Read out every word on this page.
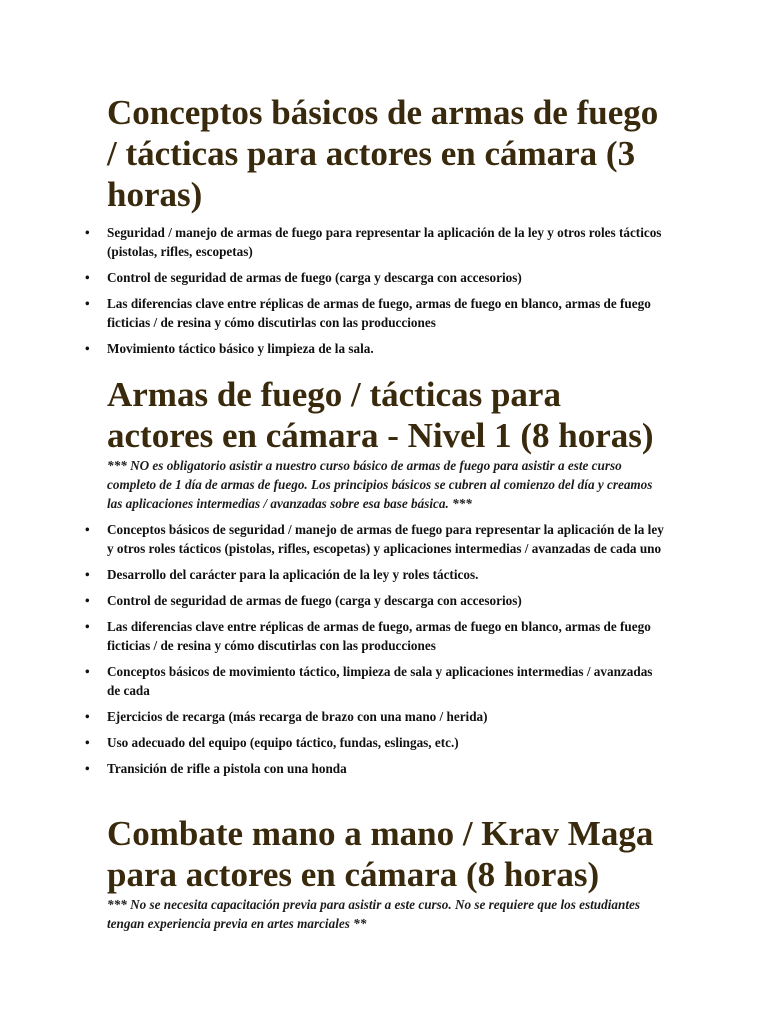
Conceptos básicos de armas de fuego / tácticas para actores en cámara (3 horas)
• Seguridad / manejo de armas de fuego para representar la aplicación de la ley y otros roles tácticos (pistolas, rifles, escopetas)
• Control de seguridad de armas de fuego (carga y descarga con accesorios)
• Las diferencias clave entre réplicas de armas de fuego, armas de fuego en blanco, armas de fuego ficticias / de resina y cómo discutirlas con las producciones
• Movimiento táctico básico y limpieza de la sala.
Armas de fuego / tácticas para actores en cámara - Nivel 1 (8 horas)

*** NO es obligatorio asistir a nuestro curso básico de armas de fuego para asistir a este curso completo de 1 día de armas de fuego. Los principios básicos se cubren al comienzo del día y creamos las aplicaciones intermedias / avanzadas sobre esa base básica. ***

• Conceptos básicos de seguridad / manejo de armas de fuego para representar la aplicación de la ley y otros roles tácticos (pistolas, rifles, escopetas) y aplicaciones intermedias / avanzadas de cada uno
• Desarrollo del carácter para la aplicación de la ley y roles tácticos.
• Control de seguridad de armas de fuego (carga y descarga con accesorios)
• Las diferencias clave entre réplicas de armas de fuego, armas de fuego en blanco, armas de fuego ficticias / de resina y cómo discutirlas con las producciones
• Conceptos básicos de movimiento táctico, limpieza de sala y aplicaciones intermedias / avanzadas de cada
• Ejercicios de recarga (más recarga de brazo con una mano / herida)
• Uso adecuado del equipo (equipo táctico, fundas, eslingas, etc.)
• Transición de rifle a pistola con una honda
Combate mano a mano / Krav Maga para actores en cámara (8 horas)

*** No se necesita capacitación previa para asistir a este curso. No se requiere que los estudiantes tengan experiencia previa en artes marciales **
